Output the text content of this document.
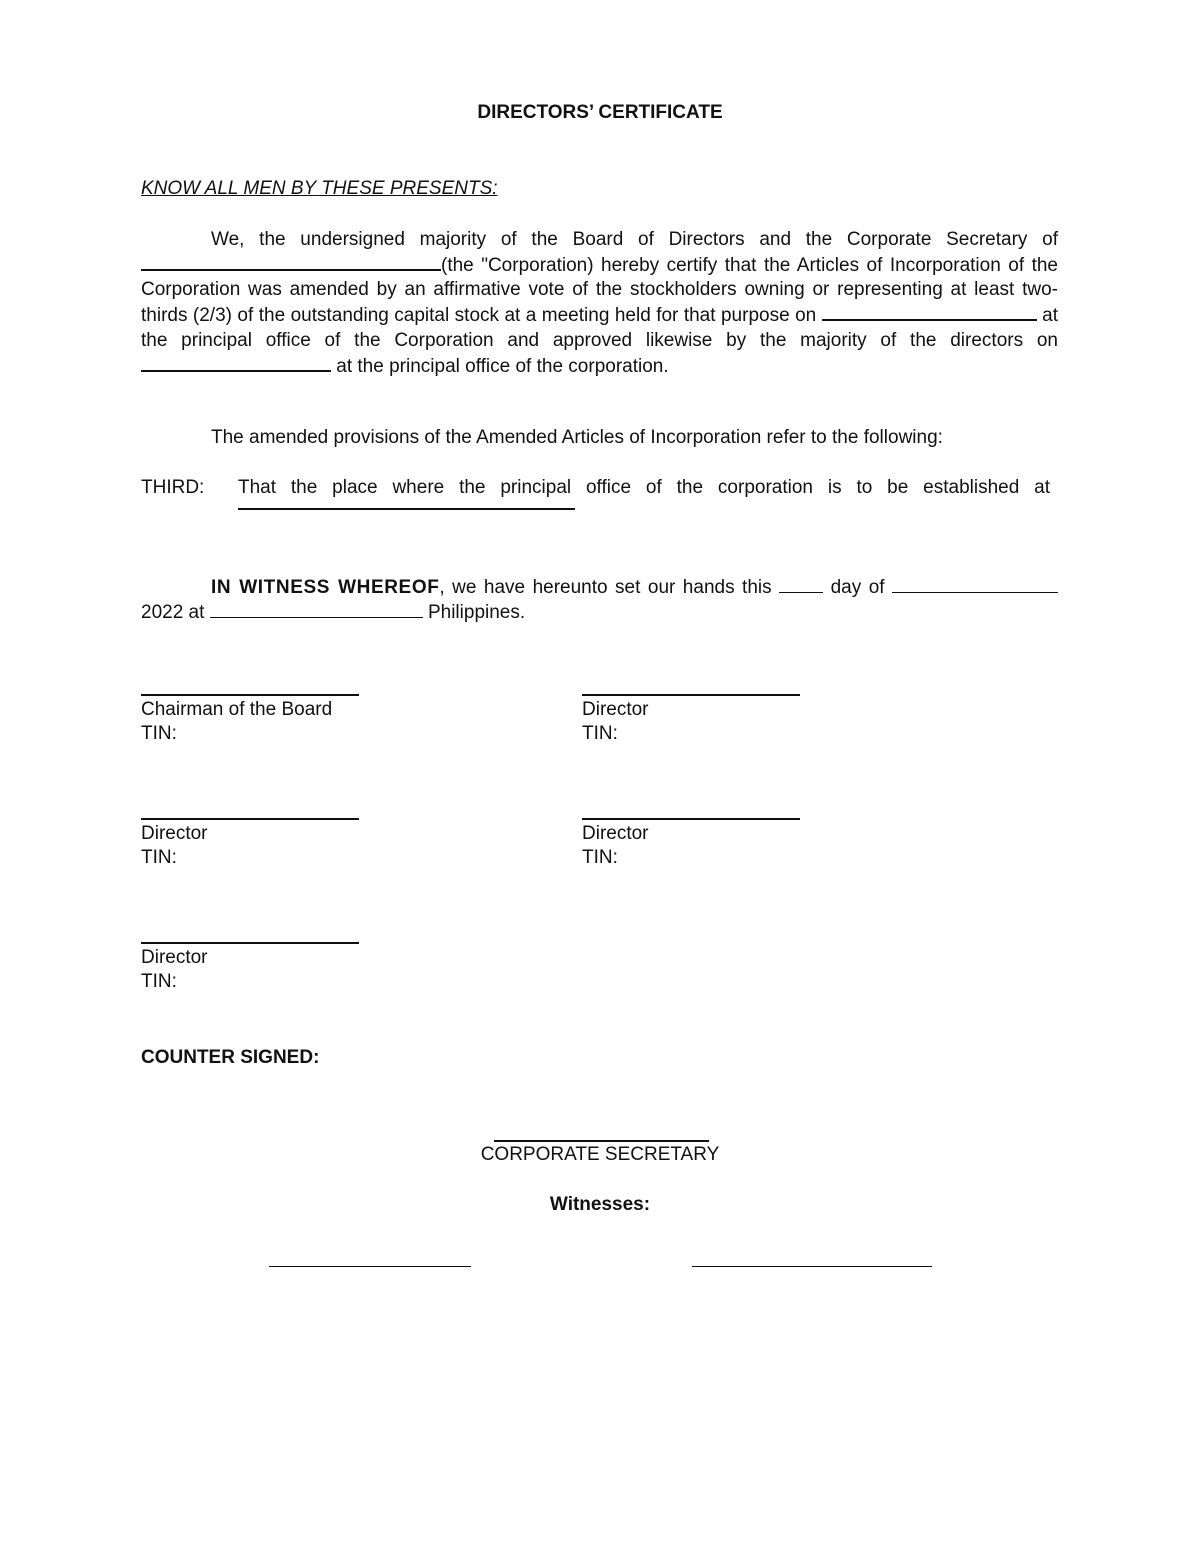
DIRECTORS’ CERTIFICATE
KNOW ALL MEN BY THESE PRESENTS:
We, the undersigned majority of the Board of Directors and the Corporate Secretary of (the "Corporation) hereby certify that the Articles of Incorporation of the Corporation was amended by an affirmative vote of the stockholders owning or representing at least two-thirds (2/3) of the outstanding capital stock at a meeting held for that purpose on	at the principal office of the Corporation and approved likewise by the majority of the directors on  at the principal office of the corporation.
The amended provisions of the Amended Articles of Incorporation refer to the following:
THIRD: That the place where the principal office of the corporation is to be established at
IN WITNESS WHEREOF, we have hereunto set our hands this	day of  2022 at	Philippines.
Chairman of the Board
TIN:
Director
TIN:
Director
TIN:
Director
TIN:
Director
TIN:
COUNTER SIGNED:
CORPORATE SECRETARY
Witnesses:
